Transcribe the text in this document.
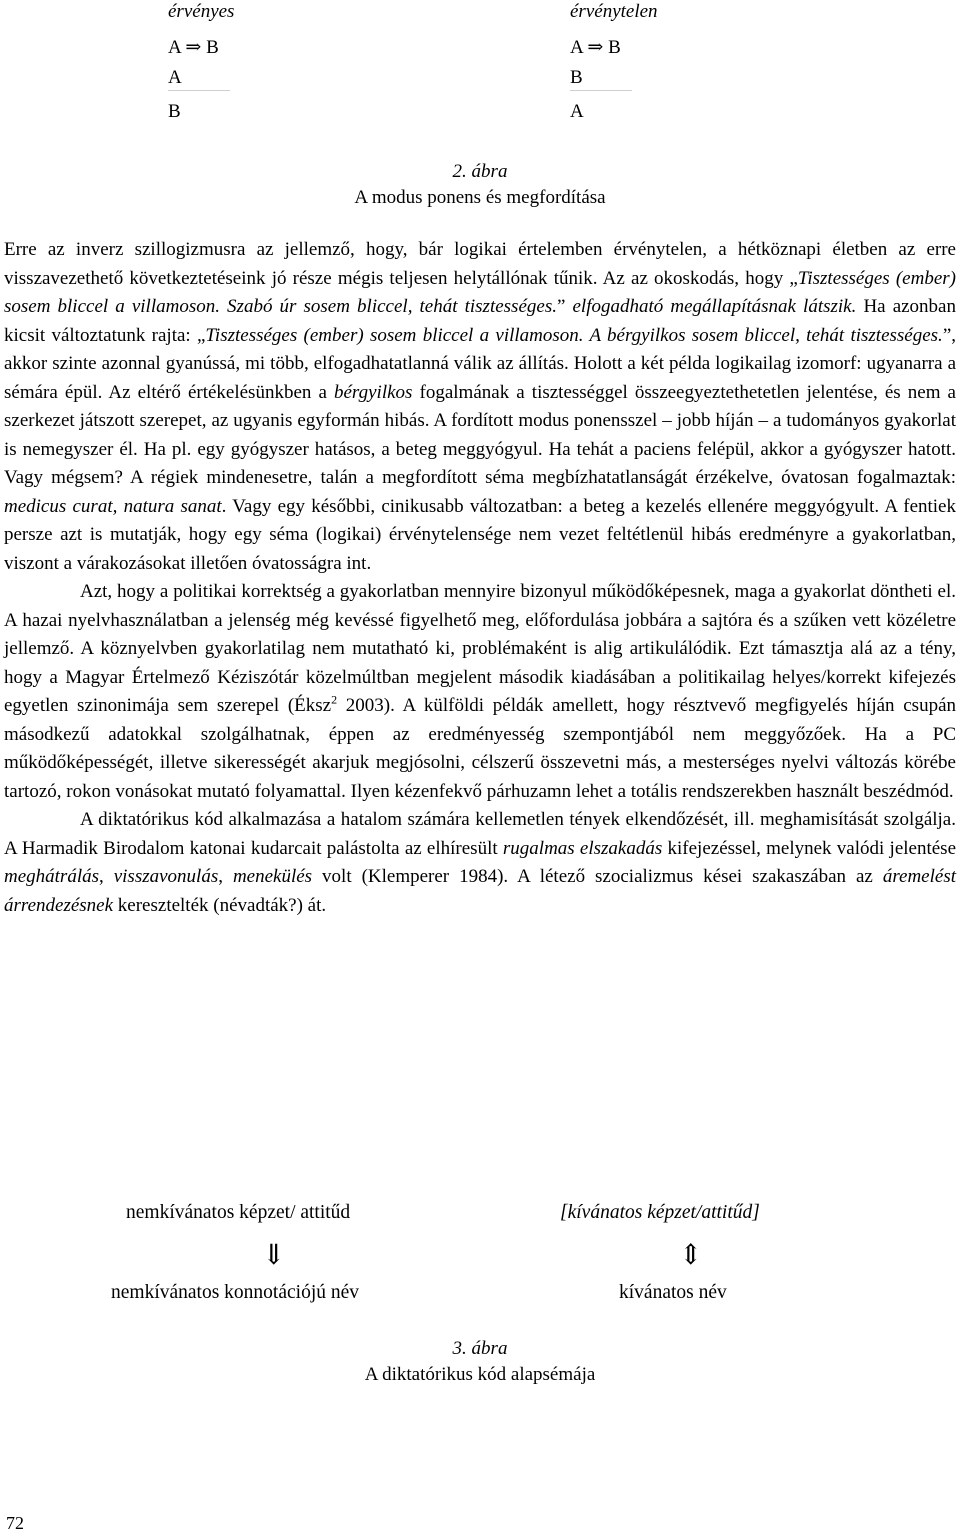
érvényes	érvénytelen
A ⇒ B
A
B
A ⇒ B
B
A
2. ábra
A modus ponens és megfordítása

Erre az inverz szillogizmusra az jellemző, hogy, bár logikai értelemben érvénytelen, a hétköznapi életben az erre visszavezethető következtetéseink jó része mégis teljesen helytállónak tűnik. Az az okoskodás, hogy „Tisztességes (ember) sosem bliccel a villamoson. Szabó úr sosem bliccel, tehát tisztességes.” elfogadható megállapításnak látszik. Ha azonban kicsit változtatunk rajta: „Tisztességes (ember) sosem bliccel a villamoson. A bérgyilkos sosem bliccel, tehát tisztességes.”, akkor szinte azonnal gyanússá, mi több, elfogadhatatlanná válik az állítás. Holott a két példa logikailag izomorf: ugyanarra a sémára épül. Az eltérő értékelésünkben a bérgyilkos fogalmának a tisztességgel összeegyeztethetetlen jelentése, és nem a szerkezet játszott szerepet, az ugyanis egyformán hibás. A fordított modus ponensszel – jobb híján – a tudományos gyakorlat is nemegyszer él. Ha pl. egy gyógyszer hatásos, a beteg meggyógyul. Ha tehát a paciens felépül, akkor a gyógyszer hatott. Vagy mégsem? A régiek mindenesetre, talán a megfordított séma megbízhatatlanságát érzékelve, óvatosan fogalmaztak: medicus curat, natura sanat. Vagy egy későbbi, cinikusabb változatban: a beteg a kezelés ellenére meggyógyult. A fentiek persze azt is mutatják, hogy egy séma (logikai) érvénytelensége nem vezet feltétlenül hibás eredményre a gyakorlatban, viszont a várakozásokat illetően óvatosságra int.

Azt, hogy a politikai korrektség a gyakorlatban mennyire bizonyul működőképesnek, maga a gyakorlat döntheti el. A hazai nyelvhasználatban a jelenség még kevéssé figyelhető meg, előfordulása jobbára a sajtóra és a szűken vett közéletre jellemző. A köznyelvben gyakorlatilag nem mutatható ki, problémaként is alig artikulálódik. Ezt támasztja alá az a tény, hogy a Magyar Értelmező Kéziszótár közelmúltban megjelent második kiadásában a politikailag helyes/korrekt kifejezés egyetlen szinonimája sem szerepel (Éksz$^2$ 2003). A külföldi példák amellett, hogy résztvevő megfigyelés híján csupán másodkezű adatokkal szolgálhatnak, éppen az eredményesség szempontjából nem meggyőzőek. Ha a PC működőképességét, illetve sikerességét akarjuk megjósolni, célszerű összevetni más, a mesterséges nyelvi változás körébe tartozó, rokon vonásokat mutató folyamattal. Ilyen kézenfekvő párhuzamn lehet a totális rendszerekben használt beszédmód.

A diktatórikus kód alkalmazása a hatalom számára kellemetlen tények elkendőzését, ill. meghamisítását szolgálja. A Harmadik Birodalom katonai kudarcait palástolta az elhíresült rugalmas elszakadás kifejezéssel, melynek valódi jelentése meghátrálás, visszavonulás, menekülés volt (Klemperer 1984). A létező szocializmus kései szakaszában az áremelést árrendezésnek keresztelték (névadták?) át.

nemkívánatos képzet/ attitűd	[kívánatos képzet/attitűd]
⇓	⇕
nemkívánatos konnotációjú név	kívánatos név
3. ábra
A diktatórikus kód alapsémája
72
